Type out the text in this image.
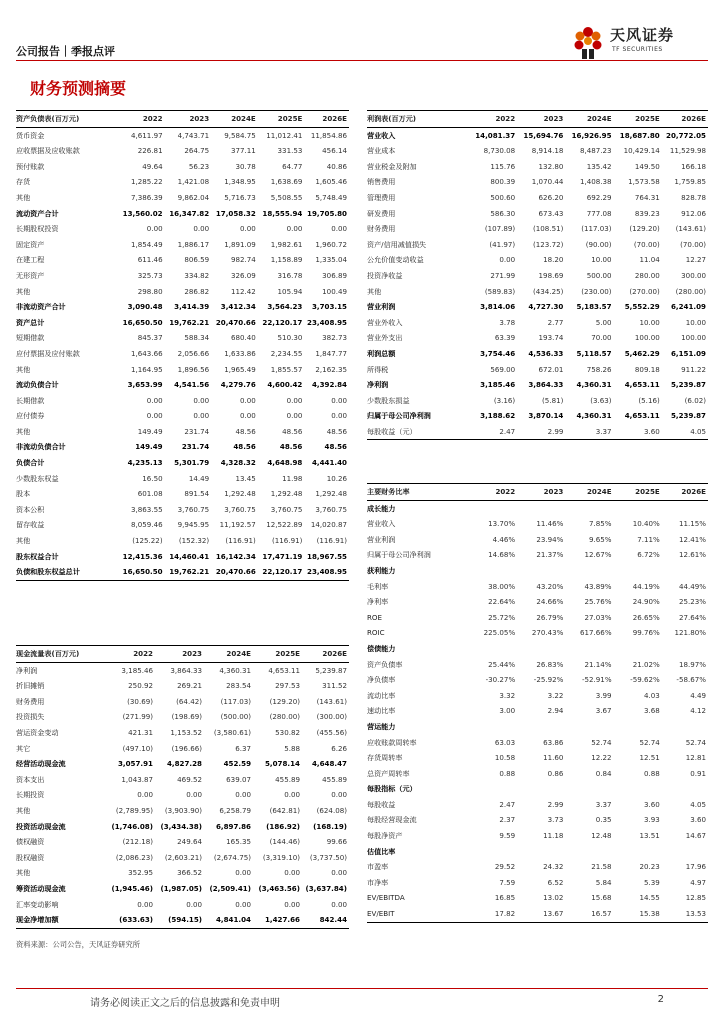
公司报告｜季报点评
天风证券
TF SECURITIES
财务预测摘要
资产负债表(百万元)	2022	2023	2024E	2025E	2026E
货币资金	4,611.97	4,743.71	9,584.75	11,012.41	11,854.86
应收票据及应收账款	226.81	264.75	377.11	331.53	456.14
预付账款	49.64	56.23	30.78	64.77	40.86
存货	1,285.22	1,421.08	1,348.95	1,638.69	1,605.46
其他	7,386.39	9,862.04	5,716.73	5,508.55	5,748.49
流动资产合计	13,560.02	16,347.82	17,058.32	18,555.94	19,705.80
长期股权投资	0.00	0.00	0.00	0.00	0.00
固定资产	1,854.49	1,886.17	1,891.09	1,982.61	1,960.72
在建工程	611.46	806.59	982.74	1,158.89	1,335.04
无形资产	325.73	334.82	326.09	316.78	306.89
其他	298.80	286.82	112.42	105.94	100.49
非流动资产合计	3,090.48	3,414.39	3,412.34	3,564.23	3,703.15
资产总计	16,650.50	19,762.21	20,470.66	22,120.17	23,408.95
短期借款	845.37	588.34	680.40	510.30	382.73
应付票据及应付账款	1,643.66	2,056.66	1,633.86	2,234.55	1,847.77
其他	1,164.95	1,896.56	1,965.49	1,855.57	2,162.35
流动负债合计	3,653.99	4,541.56	4,279.76	4,600.42	4,392.84
长期借款	0.00	0.00	0.00	0.00	0.00
应付债券	0.00	0.00	0.00	0.00	0.00
其他	149.49	231.74	48.56	48.56	48.56
非流动负债合计	149.49	231.74	48.56	48.56	48.56
负债合计	4,235.13	5,301.79	4,328.32	4,648.98	4,441.40
少数股东权益	16.50	14.49	13.45	11.98	10.26
股本	601.08	891.54	1,292.48	1,292.48	1,292.48
资本公积	3,863.55	3,760.75	3,760.75	3,760.75	3,760.75
留存收益	8,059.46	9,945.95	11,192.57	12,522.89	14,020.87
其他	(125.22)	(152.32)	(116.91)	(116.91)	(116.91)
股东权益合计	12,415.36	14,460.41	16,142.34	17,471.19	18,967.55
负债和股东权益总计	16,650.50	19,762.21	20,470.66	22,120.17	23,408.95
利润表(百万元)	2022	2023	2024E	2025E	2026E
营业收入	14,081.37	15,694.76	16,926.95	18,687.80	20,772.05
营业成本	8,730.08	8,914.18	8,487.23	10,429.14	11,529.98
营业税金及附加	115.76	132.80	135.42	149.50	166.18
销售费用	800.39	1,070.44	1,408.38	1,573.58	1,759.85
管理费用	500.60	626.20	692.29	764.31	828.78
研发费用	586.30	673.43	777.08	839.23	912.06
财务费用	(107.89)	(108.51)	(117.03)	(129.20)	(143.61)
资产/信用减值损失	(41.97)	(123.72)	(90.00)	(70.00)	(70.00)
公允价值变动收益	0.00	18.20	10.00	11.04	12.27
投资净收益	271.99	198.69	500.00	280.00	300.00
其他	(589.83)	(434.25)	(230.00)	(270.00)	(280.00)
营业利润	3,814.06	4,727.30	5,183.57	5,552.29	6,241.09
营业外收入	3.78	2.77	5.00	10.00	10.00
营业外支出	63.39	193.74	70.00	100.00	100.00
利润总额	3,754.46	4,536.33	5,118.57	5,462.29	6,151.09
所得税	569.00	672.01	758.26	809.18	911.22
净利润	3,185.46	3,864.33	4,360.31	4,653.11	5,239.87
少数股东损益	(3.16)	(5.81)	(3.63)	(5.16)	(6.02)
归属于母公司净利润	3,188.62	3,870.14	4,360.31	4,653.11	5,239.87
每股收益（元）	2.47	2.99	3.37	3.60	4.05
主要财务比率	2022	2023	2024E	2025E	2026E
成长能力					
营业收入	13.70%	11.46%	7.85%	10.40%	11.15%
营业利润	4.46%	23.94%	9.65%	7.11%	12.41%
归属于母公司净利润	14.68%	21.37%	12.67%	6.72%	12.61%
获利能力					
毛利率	38.00%	43.20%	43.89%	44.19%	44.49%
净利率	22.64%	24.66%	25.76%	24.90%	25.23%
ROE	25.72%	26.79%	27.03%	26.65%	27.64%
ROIC	225.05%	270.43%	617.66%	99.76%	121.80%
偿债能力					
资产负债率	25.44%	26.83%	21.14%	21.02%	18.97%
净负债率	-30.27%	-25.92%	-52.91%	-59.62%	-58.67%
流动比率	3.32	3.22	3.99	4.03	4.49
速动比率	3.00	2.94	3.67	3.68	4.12
营运能力					
应收账款周转率	63.03	63.86	52.74	52.74	52.74
存货周转率	10.58	11.60	12.22	12.51	12.81
总资产周转率	0.88	0.86	0.84	0.88	0.91
每股指标（元）					
每股收益	2.47	2.99	3.37	3.60	4.05
每股经营现金流	2.37	3.73	0.35	3.93	3.60
每股净资产	9.59	11.18	12.48	13.51	14.67
估值比率					
市盈率	29.52	24.32	21.58	20.23	17.96
市净率	7.59	6.52	5.84	5.39	4.97
EV/EBITDA	16.85	13.02	15.68	14.55	12.85
EV/EBIT	17.82	13.67	16.57	15.38	13.53
现金流量表(百万元)	2022	2023	2024E	2025E	2026E
净利润	3,185.46	3,864.33	4,360.31	4,653.11	5,239.87
折旧摊销	250.92	269.21	283.54	297.53	311.52
财务费用	(30.69)	(64.42)	(117.03)	(129.20)	(143.61)
投资损失	(271.99)	(198.69)	(500.00)	(280.00)	(300.00)
营运资金变动	421.31	1,153.52	(3,580.61)	530.82	(455.56)
其它	(497.10)	(196.66)	6.37	5.88	6.26
经营活动现金流	3,057.91	4,827.28	452.59	5,078.14	4,648.47
资本支出	1,043.87	469.52	639.07	455.89	455.89
长期投资	0.00	0.00	0.00	0.00	0.00
其他	(2,789.95)	(3,903.90)	6,258.79	(642.81)	(624.08)
投资活动现金流	(1,746.08)	(3,434.38)	6,897.86	(186.92)	(168.19)
债权融资	(212.18)	249.64	165.35	(144.46)	99.66
股权融资	(2,086.23)	(2,603.21)	(2,674.75)	(3,319.10)	(3,737.50)
其他	352.95	366.52	0.00	0.00	0.00
筹资活动现金流	(1,945.46)	(1,987.05)	(2,509.41)	(3,463.56)	(3,637.84)
汇率变动影响	0.00	0.00	0.00	0.00	0.00
现金净增加额	(633.63)	(594.15)	4,841.04	1,427.66	842.44
资料来源：公司公告，天风证券研究所
请务必阅读正文之后的信息披露和免责申明	2
